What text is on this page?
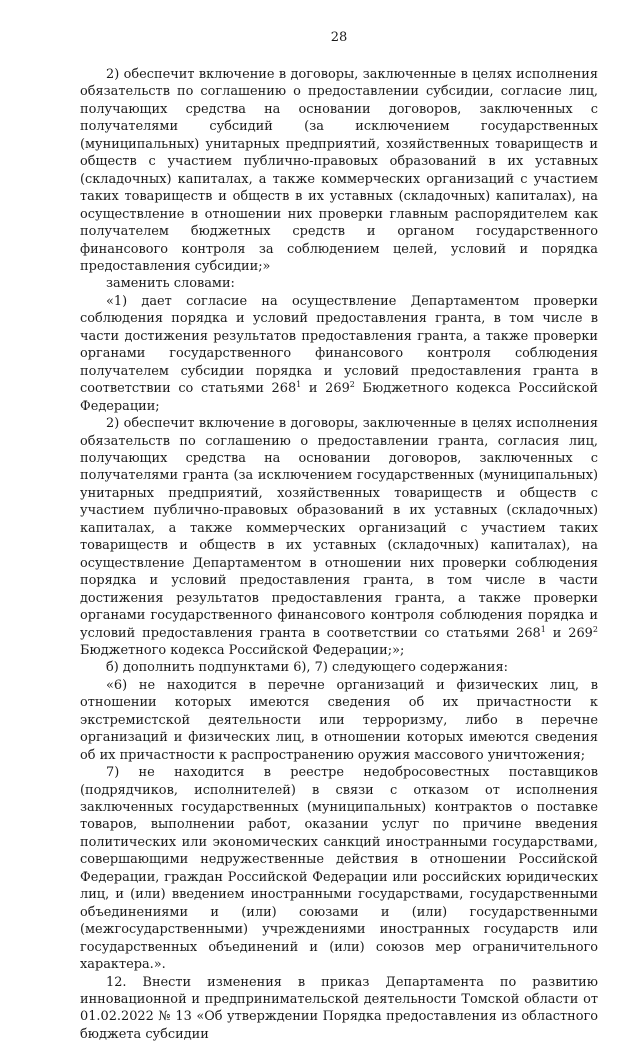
28

2) обеспечит включение в договоры, заключенные в целях исполнения обязательств по соглашению о предоставлении субсидии, согласие лиц, получающих средства на основании договоров, заключенных с получателями субсидий (за исключением государственных (муниципальных) унитарных предприятий, хозяйственных товариществ и обществ с участием публично-правовых образований в их уставных (складочных) капиталах, а также коммерческих организаций с участием таких товариществ и обществ в их уставных (складочных) капиталах), на осуществление в отношении них проверки главным распорядителем как получателем бюджетных средств и органом государственного финансового контроля за соблюдением целей, условий и порядка предоставления субсидии;»

заменить словами:

«1) дает согласие на осуществление Департаментом проверки соблюдения порядка и условий предоставления гранта, в том числе в части достижения результатов предоставления гранта, а также проверки органами государственного финансового контроля соблюдения получателем субсидии порядка и условий предоставления гранта в соответствии со статьями $268^1$ и $269^2$ Бюджетного кодекса Российской Федерации;

2) обеспечит включение в договоры, заключенные в целях исполнения обязательств по соглашению о предоставлении гранта, согласия лиц, получающих средства на основании договоров, заключенных с получателями гранта (за исключением государственных (муниципальных) унитарных предприятий, хозяйственных товариществ и обществ с участием публично-правовых образований в их уставных (складочных) капиталах, а также коммерческих организаций с участием таких товариществ и обществ в их уставных (складочных) капиталах), на осуществление Департаментом в отношении них проверки соблюдения порядка и условий предоставления гранта, в том числе в части достижения результатов предоставления гранта, а также проверки органами государственного финансового контроля соблюдения порядка и условий предоставления гранта в соответствии со статьями $268^1$ и $269^2$ Бюджетного кодекса Российской Федерации;»;

б) дополнить подпунктами 6), 7) следующего содержания:

«6) не находится в перечне организаций и физических лиц, в отношении которых имеются сведения об их причастности к экстремистской деятельности или терроризму, либо в перечне организаций и физических лиц, в отношении которых имеются сведения об их причастности к распространению оружия массового уничтожения;

7) не находится в реестре недобросовестных поставщиков (подрядчиков, исполнителей) в связи с отказом от исполнения заключенных государственных (муниципальных) контрактов о поставке товаров, выполнении работ, оказании услуг по причине введения политических или экономических санкций иностранными государствами, совершающими недружественные действия в отношении Российской Федерации, граждан Российской Федерации или российских юридических лиц, и (или) введением иностранными государствами, государственными объединениями и (или) союзами и (или) государственными (межгосударственными) учреждениями иностранных государств или государственных объединений и (или) союзов мер ограничительного характера.».

12. Внести изменения в приказ Департамента по развитию инновационной и предпринимательской деятельности Томской области от 01.02.2022 № 13 «Об утверждении Порядка предоставления из областного бюджета субсидии
